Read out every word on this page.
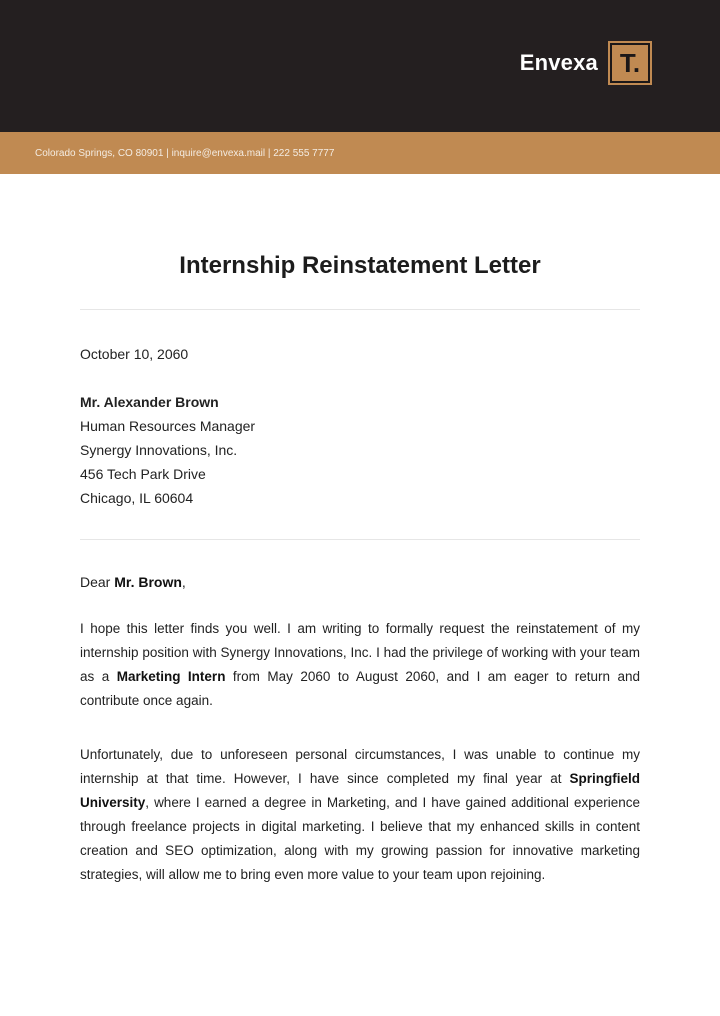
Envexa T.
Colorado Springs, CO 80901 | inquire@envexa.mail | 222 555 7777
Internship Reinstatement Letter
October 10, 2060
Mr. Alexander Brown
Human Resources Manager
Synergy Innovations, Inc.
456 Tech Park Drive
Chicago, IL 60604
Dear Mr. Brown,
I hope this letter finds you well. I am writing to formally request the reinstatement of my internship position with Synergy Innovations, Inc. I had the privilege of working with your team as a Marketing Intern from May 2060 to August 2060, and I am eager to return and contribute once again.
Unfortunately, due to unforeseen personal circumstances, I was unable to continue my internship at that time. However, I have since completed my final year at Springfield University, where I earned a degree in Marketing, and I have gained additional experience through freelance projects in digital marketing. I believe that my enhanced skills in content creation and SEO optimization, along with my growing passion for innovative marketing strategies, will allow me to bring even more value to your team upon rejoining.
